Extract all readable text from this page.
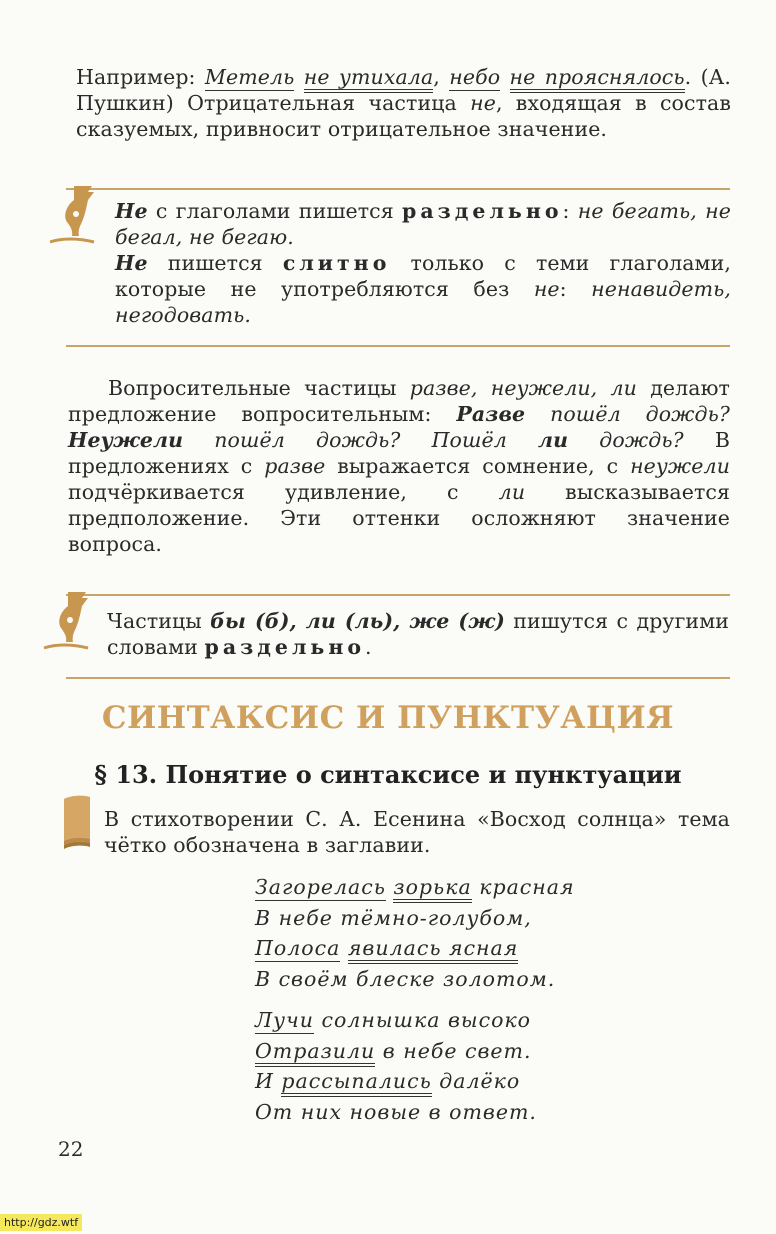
Например: Метель не утихала, небо не прояснялось. (А. Пушкин) Отрицательная частица не, входящая в состав сказуемых, привносит отрицательное значение.
Не с глаголами пишется раздельно: не бегать, не бегал, не бегаю.
Не пишется слитно только с теми глаголами, которые не употребляются без не: ненавидеть, негодовать.
Вопросительные частицы разве, неужели, ли делают предложение вопросительным: Разве пошёл дождь? Неужели пошёл дождь? Пошёл ли дождь? В предложениях с разве выражается сомнение, с неужели подчёркивается удивление, с ли высказывается предположение. Эти оттенки осложняют значение вопроса.
Частицы бы (б), ли (ль), же (ж) пишутся с другими словами раздельно.
СИНТАКСИС И ПУНКТУАЦИЯ
§ 13. Понятие о синтаксисе и пунктуации
В стихотворении С. А. Есенина «Восход солнца» тема чётко обозначена в заглавии.
Загорелась зорька красная
В небе тёмно-голубом,
Полоса явилась ясная
В своём блеске золотом.
Лучи солнышка высоко
Отразили в небе свет.
И рассыпались далёко
От них новые в ответ.
22
http://gdz.wtf
